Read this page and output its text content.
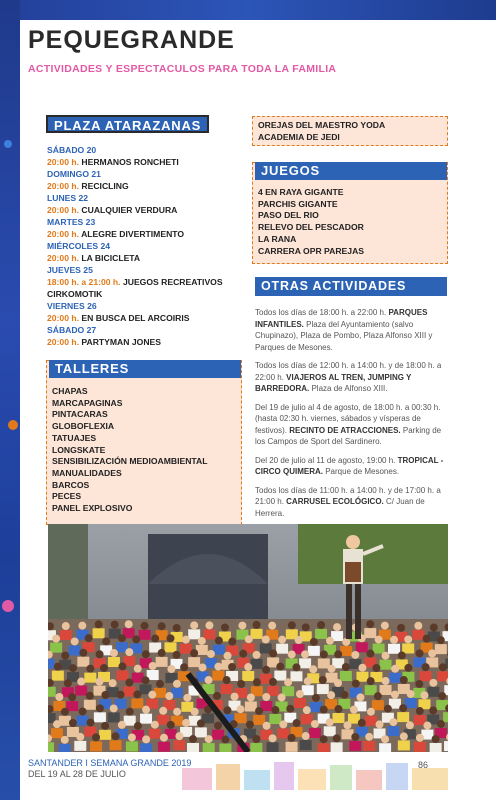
PEQUEGRANDE

ACTIVIDADES Y ESPECTACULOS PARA TODA LA FAMILIA

PLAZA ATARAZANAS
SÁBADO 20
20:00 h. HERMANOS RONCHETI
DOMINGO 21
20:00 h. RECICLING
LUNES 22
20:00 h. CUALQUIER VERDURA
MARTES 23
20:00 h. ALEGRE DIVERTIMENTO
MIÉRCOLES 24
20:00 h. LA BICICLETA
JUEVES 25
18:00 h. a 21:00 h. JUEGOS RECREATIVOS
CIRKOMOTIK
VIERNES 26
20:00 h. EN BUSCA DEL ARCOIRIS
SÁBADO 27
20:00 h. PARTYMAN JONES
CHAPAS
MARCAPAGINAS
PINTACARAS
GLOBOFLEXIA
TATUAJES
LONGSKATE
SENSIBILIZACIÓN MEDIOAMBIENTAL
MANUALIDADES
BARCOS
PECES
PANEL EXPLOSIVO
TALLERES
OREJAS DEL MAESTRO YODA
ACADEMIA DE JEDI
4 EN RAYA GIGANTE
PARCHIS GIGANTE
PASO DEL RIO
RELEVO DEL PESCADOR
LA RANA
CARRERA OPR PAREJAS
JUEGOS
OTRAS ACTIVIDADES

Todos los días de 18:00 h. a 22:00 h. PARQUES INFANTILES. Plaza del Ayuntamiento (salvo Chupinazo), Plaza de Pombo, Plaza Alfonso XIII y Parques de Mesones.

Todos los días de 12:00 h. a 14:00 h. y de 18:00 h. a 22:00 h. VIAJEROS AL TREN, JUMPING Y BARREDORA. Plaza de Alfonso XIII.

Del 19 de julio al 4 de agosto, de 18:00 h. a 00:30 h. (hasta 02:30 h. viernes, sábados y vísperas de festivos). RECINTO DE ATRACCIONES. Parking de los Campos de Sport del Sardinero.

Del 20 de julio al 11 de agosto, 19:00 h. TROPICAL - CIRCO QUIMERA. Parque de Mesones.

Todos los días de 11:00 h. a 14:00 h. y de 17:00 h. a 21:00 h. CARRUSEL ECOLÓGICO. C/ Juan de Herrera.

SANTANDER I SEMANA GRANDE 2019
DEL 19 AL 28 DE JULIO
86
